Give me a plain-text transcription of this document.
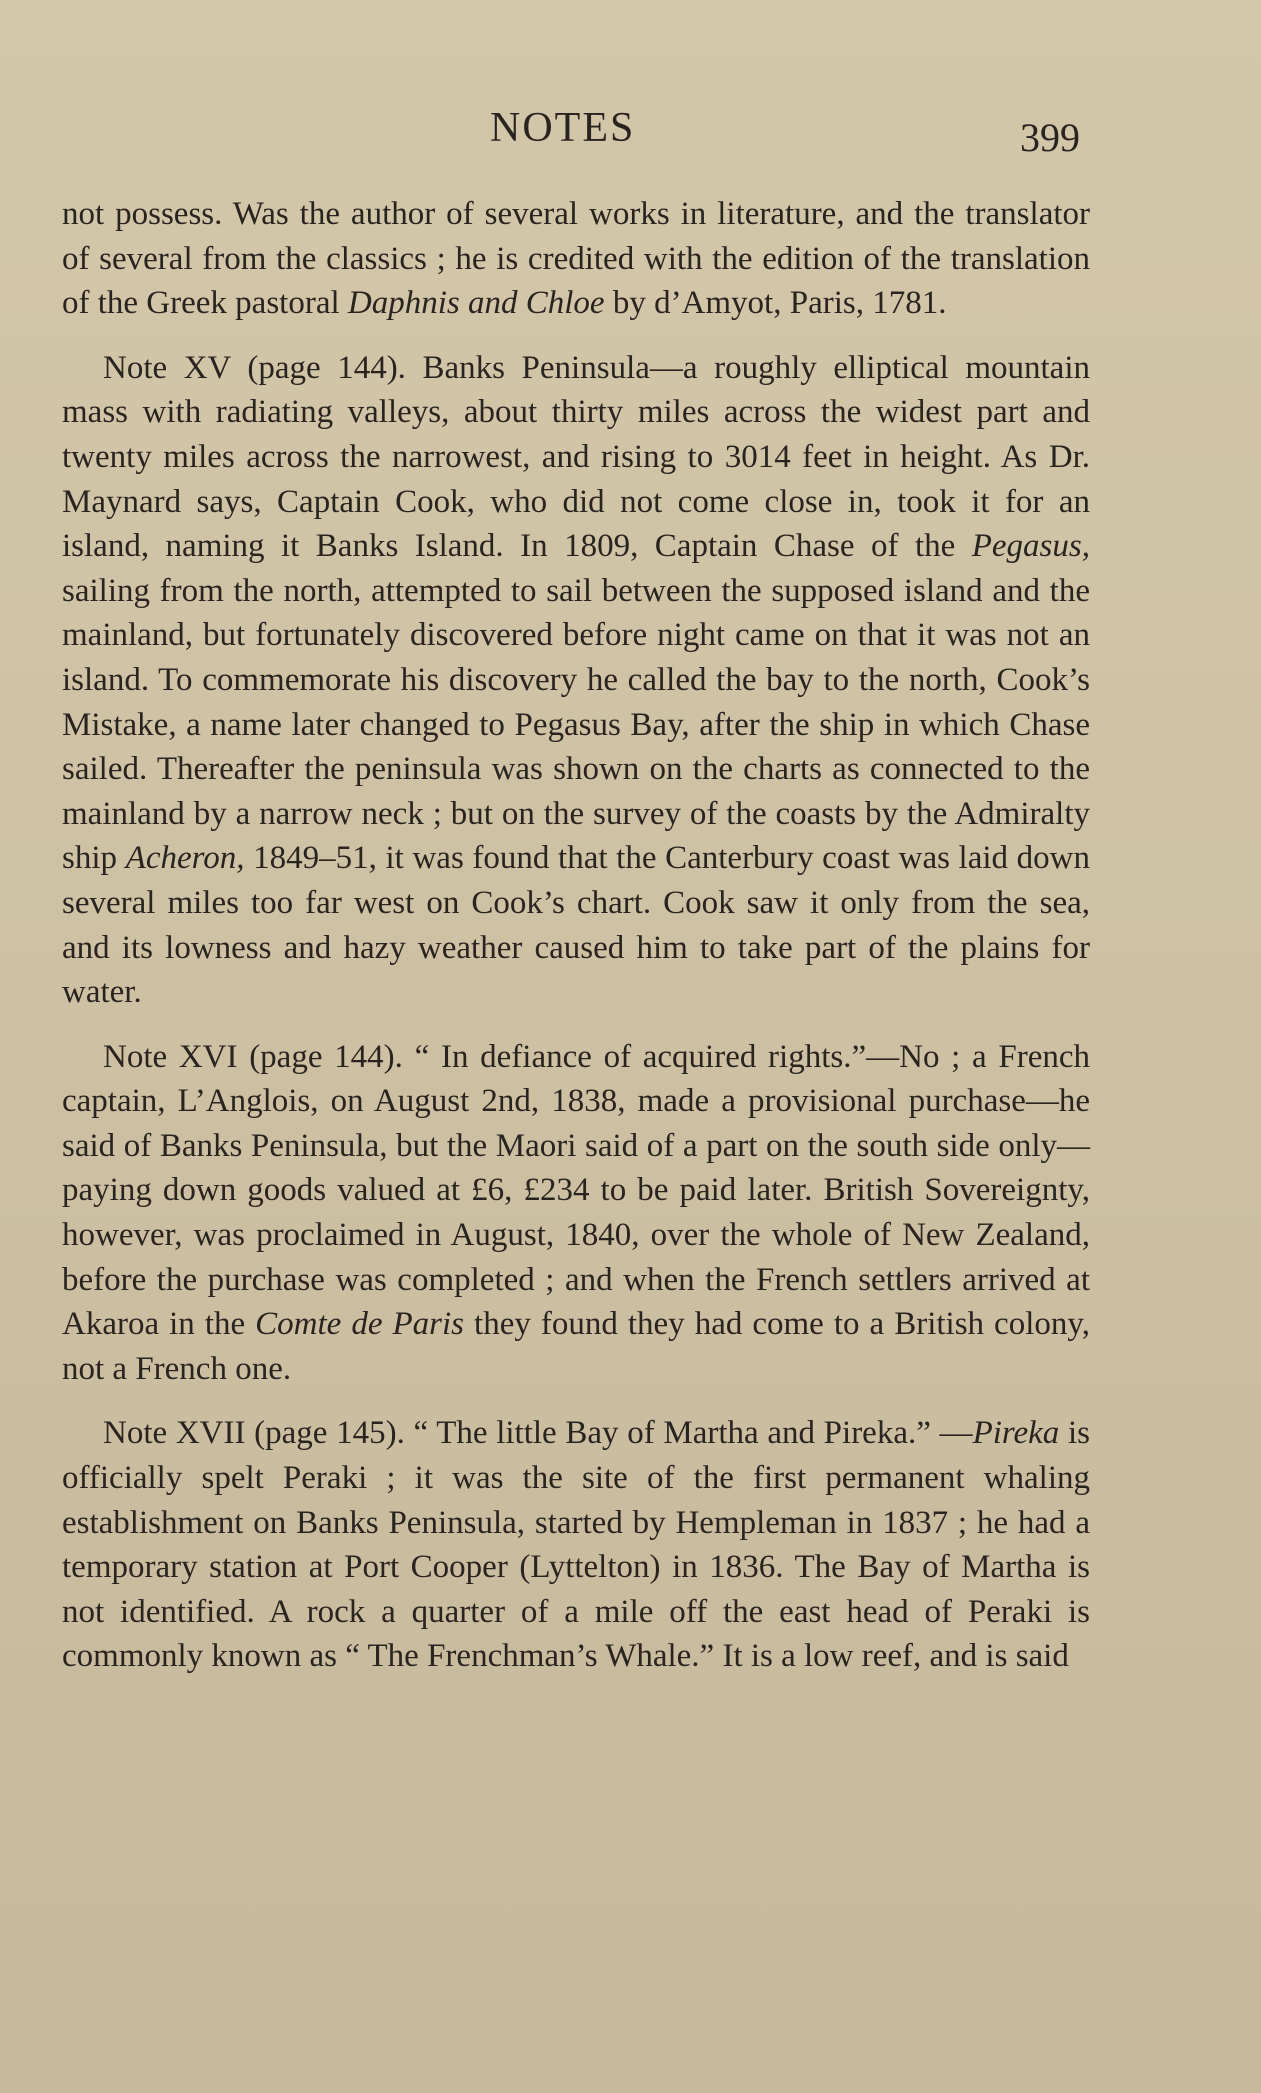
NOTES	399

not possess. Was the author of several works in literature, and the translator of several from the classics ; he is credited with the edition of the translation of the Greek pastoral Daphnis and Chloe by d’Amyot, Paris, 1781.

Note XV (page 144). Banks Peninsula—a roughly elliptical mountain mass with radiating valleys, about thirty miles across the widest part and twenty miles across the narrowest, and rising to 3014 feet in height. As Dr. Maynard says, Captain Cook, who did not come close in, took it for an island, naming it Banks Island. In 1809, Captain Chase of the Pegasus, sailing from the north, attempted to sail between the supposed island and the mainland, but fortunately discovered before night came on that it was not an island. To commemorate his discovery he called the bay to the north, Cook’s Mistake, a name later changed to Pegasus Bay, after the ship in which Chase sailed. Thereafter the peninsula was shown on the charts as connected to the mainland by a narrow neck ; but on the survey of the coasts by the Admiralty ship Acheron, 1849–51, it was found that the Canterbury coast was laid down several miles too far west on Cook’s chart. Cook saw it only from the sea, and its lowness and hazy weather caused him to take part of the plains for water.

Note XVI (page 144). “ In defiance of acquired rights.”—No ; a French captain, L’Anglois, on August 2nd, 1838, made a provisional purchase—he said of Banks Peninsula, but the Maori said of a part on the south side only—paying down goods valued at £6, £234 to be paid later. British Sovereignty, however, was proclaimed in August, 1840, over the whole of New Zealand, before the purchase was completed ; and when the French settlers arrived at Akaroa in the Comte de Paris they found they had come to a British colony, not a French one.

Note XVII (page 145). “ The little Bay of Martha and Pireka.” —Pireka is officially spelt Peraki ; it was the site of the first permanent whaling establishment on Banks Peninsula, started by Hempleman in 1837 ; he had a temporary station at Port Cooper (Lyttelton) in 1836. The Bay of Martha is not identified. A rock a quarter of a mile off the east head of Peraki is commonly known as “ The Frenchman’s Whale.” It is a low reef, and is said
